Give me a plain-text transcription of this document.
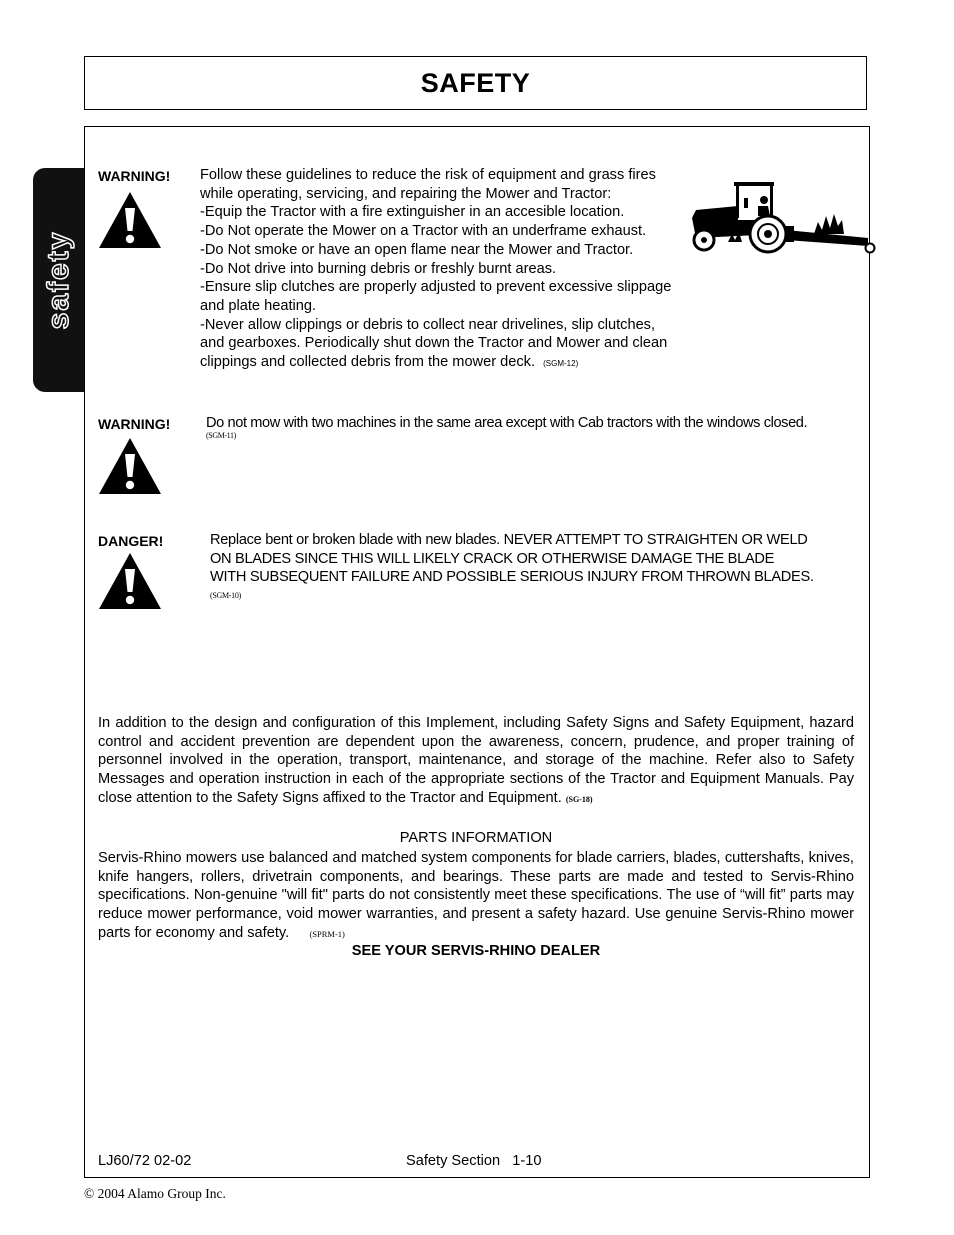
SAFETY
safety
WARNING! Follow these guidelines to reduce the risk of equipment and grass fires

while operating, servicing, and repairing the Mower and Tractor:

-Equip the Tractor with a fire extinguisher in an accesible location.

-Do Not operate the Mower on a Tractor with an underframe exhaust.

-Do Not smoke or have an open flame near the Mower and Tractor.

-Do Not drive into burning debris or freshly burnt areas.

-Ensure slip clutches are properly adjusted to prevent excessive slippage

and plate heating.

-Never allow clippings or debris to collect near drivelines, slip clutches,

and gearboxes. Periodically shut down the Tractor and Mower and clean

clippings and collected debris from the mower deck. (SGM-12)

WARNING! Do not mow with two machines in the same area except with Cab tractors with the windows closed.

(SGM-11)

DANGER!	Replace bent or broken blade with new blades. NEVER ATTEMPT TO STRAIGHTEN OR WELD

ON BLADES SINCE THIS WILL LIKELY CRACK OR OTHERWISE DAMAGE THE BLADE

WITH SUBSEQUENT FAILURE AND POSSIBLE SERIOUS INJURY FROM THROWN BLADES.

(SGM-10)

In addition to the design and configuration of this Implement, including Safety Signs and Safety Equipment, hazard control and accident prevention are dependent upon the awareness, concern, prudence, and proper training of personnel involved in the operation, transport, maintenance, and storage of the machine. Refer also to Safety Messages and operation instruction in each of the appropriate sections of the Tractor and Equipment Manuals. Pay close attention to the Safety Signs affixed to the Tractor and Equipment. (SG-18)
PARTS INFORMATION
Servis-Rhino mowers use balanced and matched system components for blade carriers, blades, cuttershafts, knives, knife hangers, rollers, drivetrain components, and bearings. These parts are made and tested to Servis-Rhino specifications. Non-genuine "will fit" parts do not consistently meet these specifications. The use of “will fit” parts may reduce mower performance, void mower warranties, and present a safety hazard. Use genuine Servis-Rhino mower parts for economy and safety. (SPRM-1)
SEE YOUR SERVIS-RHINO DEALER
LJ60/72 02-02	Safety Section   1-10
© 2004 Alamo Group Inc.
